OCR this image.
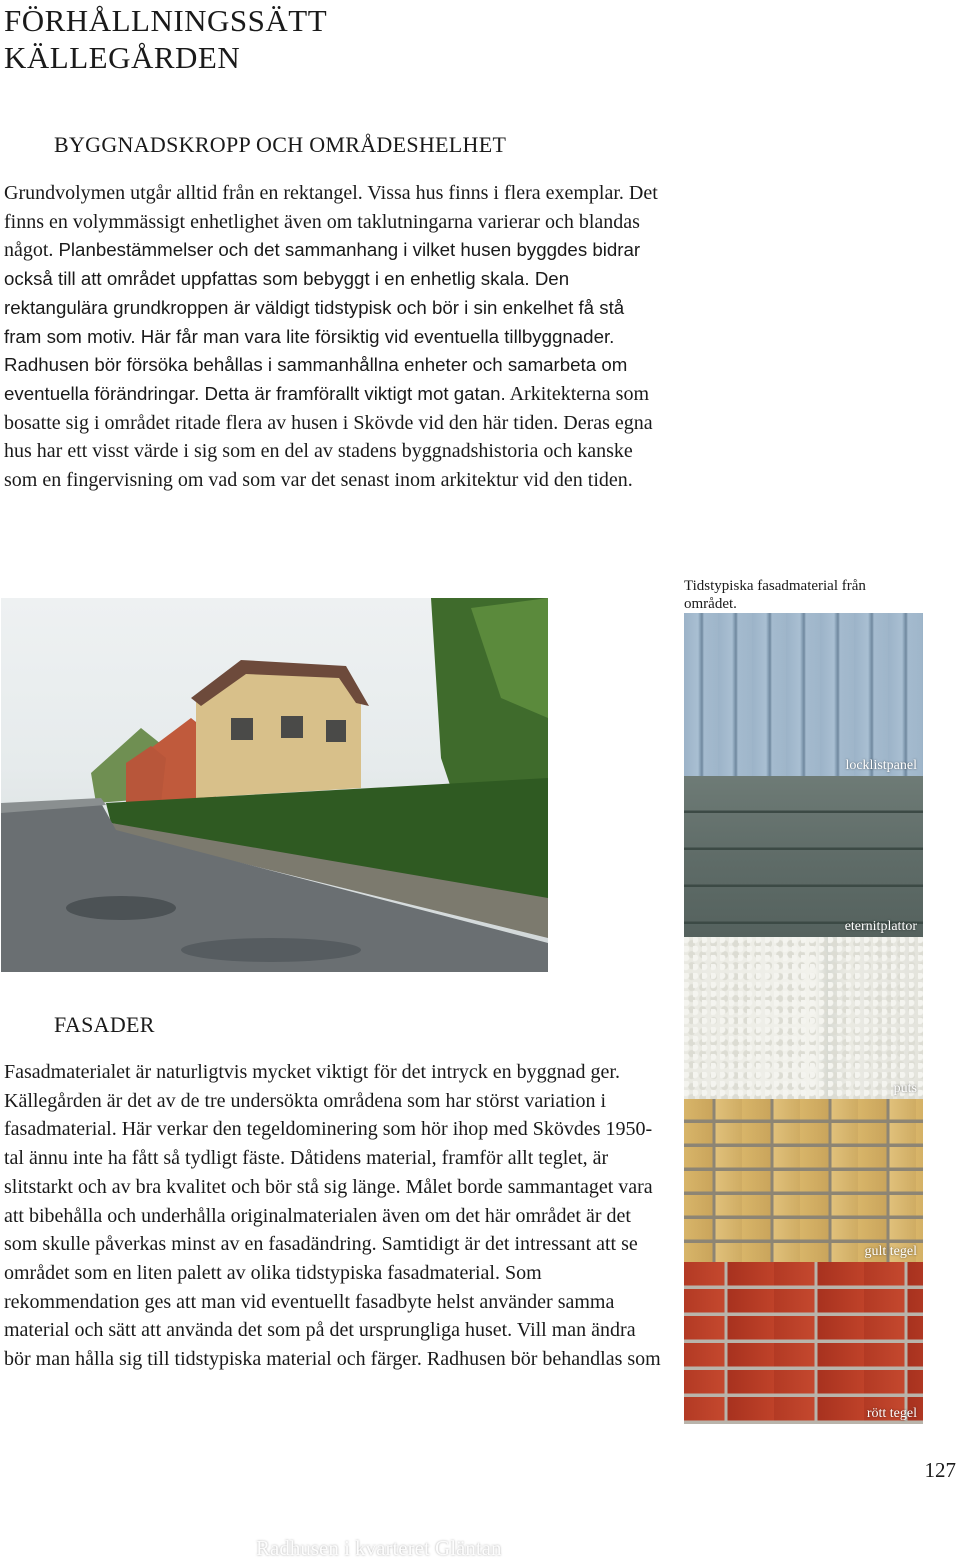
FÖRHÅLLNINGSSÄTT
KÄLLEGÅRDEN
BYGGNADSKROPP OCH OMRÅDESHELHET

Grundvolymen utgår alltid från en rektangel. Vissa hus finns i flera exemplar. Det finns en volymmässigt enhetlighet även om taklutningarna varierar och blandas något. Planbestämmelser och det sammanhang i vilket husen byggdes bidrar också till att området uppfattas som bebyggt i en enhetlig skala. Den rektangulära grundkroppen är väldigt tidstypisk och bör i sin enkelhet få stå fram som motiv. Här får man vara lite försiktig vid eventuella tillbyggnader. Radhusen bör försöka behållas i sammanhållna enheter och samarbeta om eventuella förändringar. Detta är framförallt viktigt mot gatan. Arkitekterna som bosatte sig i området ritade flera av husen i Skövde vid den här tiden. Deras egna hus har ett visst värde i sig som en del av stadens byggnadshistoria och kanske som en fingervisning om vad som var det senast inom arkitektur vid den tiden.

Radhusen i kvarteret Gläntan
Tidstypiska fasadmaterial från området.
locklistpanel
eternitplattor
puts
gult tegel
rött tegel
FASADER

Fasadmaterialet är naturligtvis mycket viktigt för det intryck en byggnad ger. Källegården är det av de tre undersökta områdena som har störst variation i fasadmaterial. Här verkar den tegeldominering som hör ihop med Skövdes 1950-tal ännu inte ha fått så tydligt fäste. Dåtidens material, framför allt teglet, är slitstarkt och av bra kvalitet och bör stå sig länge. Målet borde sammantaget vara att bibehålla och underhålla originalmaterialen även om det här området är det som skulle påverkas minst av en fasadändring. Samtidigt är det intressant att se området som en liten palett av olika tidstypiska fasadmaterial. Som rekommendation ges att man vid eventuellt fasadbyte helst använder samma material och sätt att använda det som på det ursprungliga huset. Vill man ändra bör man hålla sig till tidstypiska material och färger. Radhusen bör behandlas som

127
